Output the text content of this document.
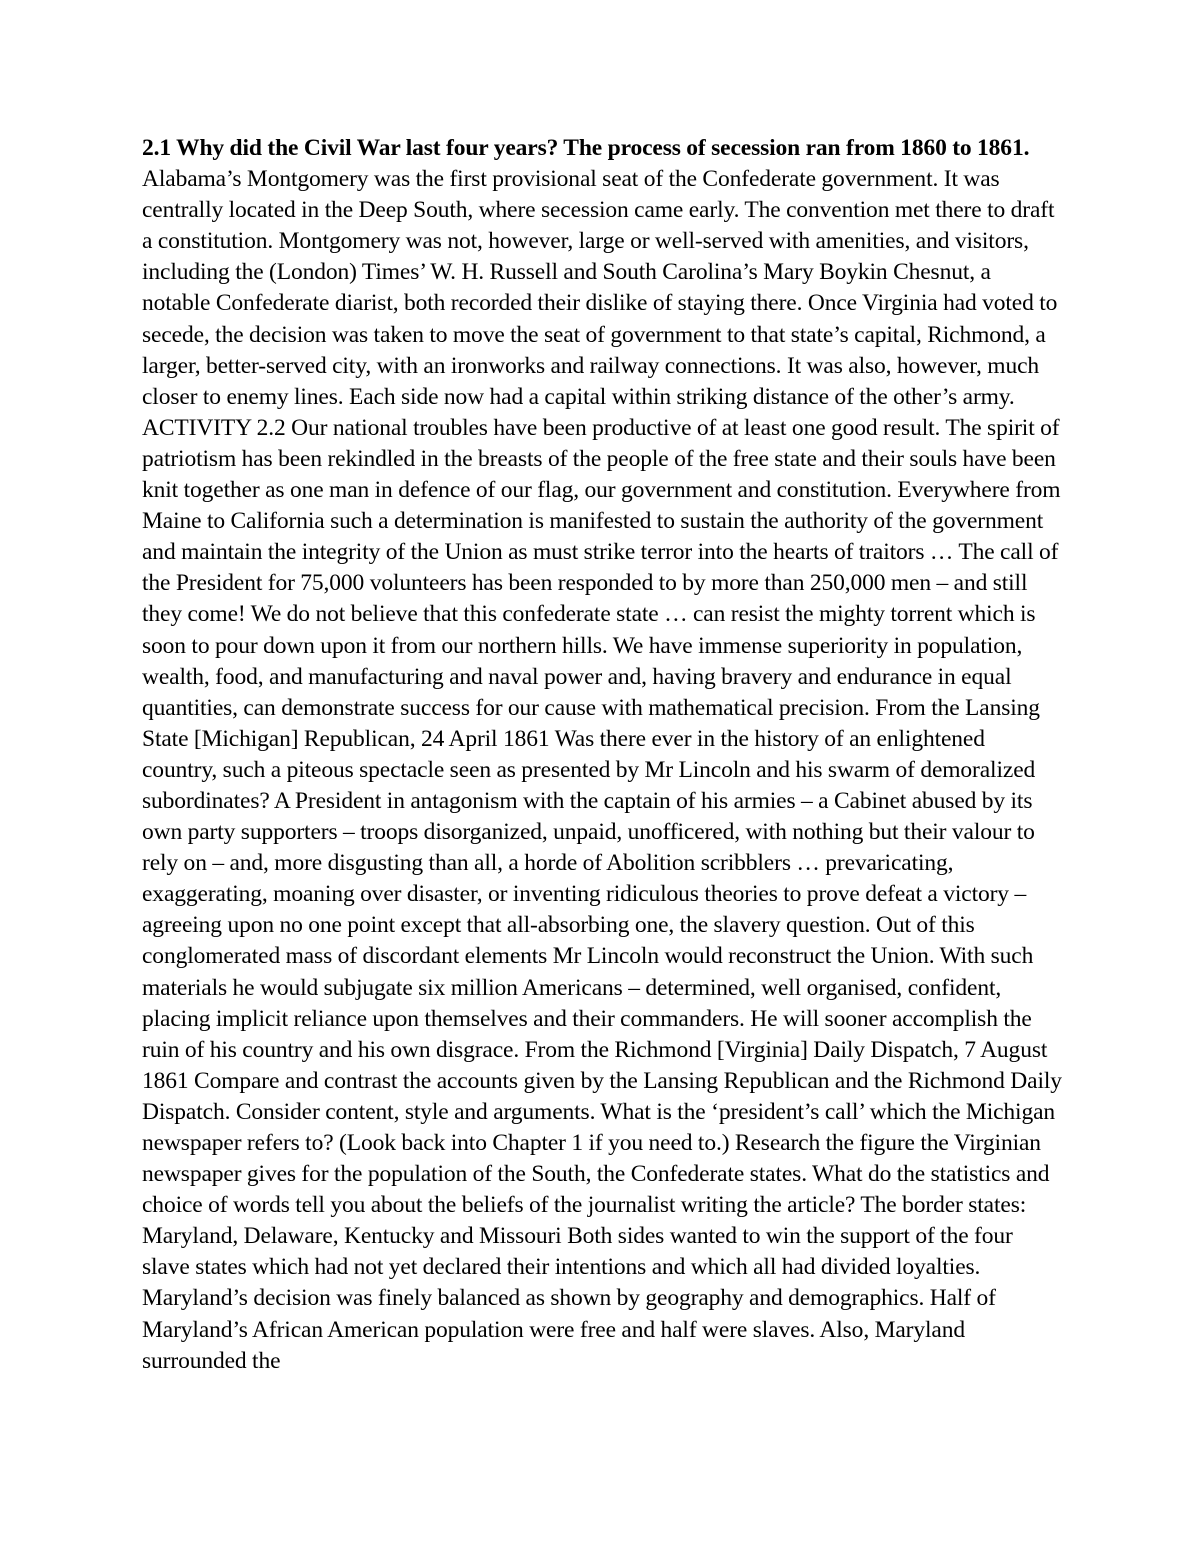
2.1 Why did the Civil War last four years? The process of secession ran from 1860 to 1861. Alabama’s Montgomery was the first provisional seat of the Confederate government. It was centrally located in the Deep South, where secession came early. The convention met there to draft a constitution. Montgomery was not, however, large or well-served with amenities, and visitors, including the (London) Times’ W. H. Russell and South Carolina’s Mary Boykin Chesnut, a notable Confederate diarist, both recorded their dislike of staying there. Once Virginia had voted to secede, the decision was taken to move the seat of government to that state’s capital, Richmond, a larger, better-served city, with an ironworks and railway connections. It was also, however, much closer to enemy lines. Each side now had a capital within striking distance of the other’s army. ACTIVITY 2.2 Our national troubles have been productive of at least one good result. The spirit of patriotism has been rekindled in the breasts of the people of the free state and their souls have been knit together as one man in defence of our flag, our government and constitution. Everywhere from Maine to California such a determination is manifested to sustain the authority of the government and maintain the integrity of the Union as must strike terror into the hearts of traitors … The call of the President for 75,000 volunteers has been responded to by more than 250,000 men – and still they come! We do not believe that this confederate state … can resist the mighty torrent which is soon to pour down upon it from our northern hills. We have immense superiority in population, wealth, food, and manufacturing and naval power and, having bravery and endurance in equal quantities, can demonstrate success for our cause with mathematical precision. From the Lansing State [Michigan] Republican, 24 April 1861 Was there ever in the history of an enlightened country, such a piteous spectacle seen as presented by Mr Lincoln and his swarm of demoralized subordinates? A President in antagonism with the captain of his armies – a Cabinet abused by its own party supporters – troops disorganized, unpaid, unofficered, with nothing but their valour to rely on – and, more disgusting than all, a horde of Abolition scribblers … prevaricating, exaggerating, moaning over disaster, or inventing ridiculous theories to prove defeat a victory – agreeing upon no one point except that all-absorbing one, the slavery question. Out of this conglomerated mass of discordant elements Mr Lincoln would reconstruct the Union. With such materials he would subjugate six million Americans – determined, well organised, confident, placing implicit reliance upon themselves and their commanders. He will sooner accomplish the ruin of his country and his own disgrace. From the Richmond [Virginia] Daily Dispatch, 7 August 1861 Compare and contrast the accounts given by the Lansing Republican and the Richmond Daily Dispatch. Consider content, style and arguments. What is the ‘president’s call’ which the Michigan newspaper refers to? (Look back into Chapter 1 if you need to.) Research the figure the Virginian newspaper gives for the population of the South, the Confederate states. What do the statistics and choice of words tell you about the beliefs of the journalist writing the article? The border states: Maryland, Delaware, Kentucky and Missouri Both sides wanted to win the support of the four slave states which had not yet declared their intentions and which all had divided loyalties. Maryland’s decision was finely balanced as shown by geography and demographics. Half of Maryland’s African American population were free and half were slaves. Also, Maryland surrounded the
